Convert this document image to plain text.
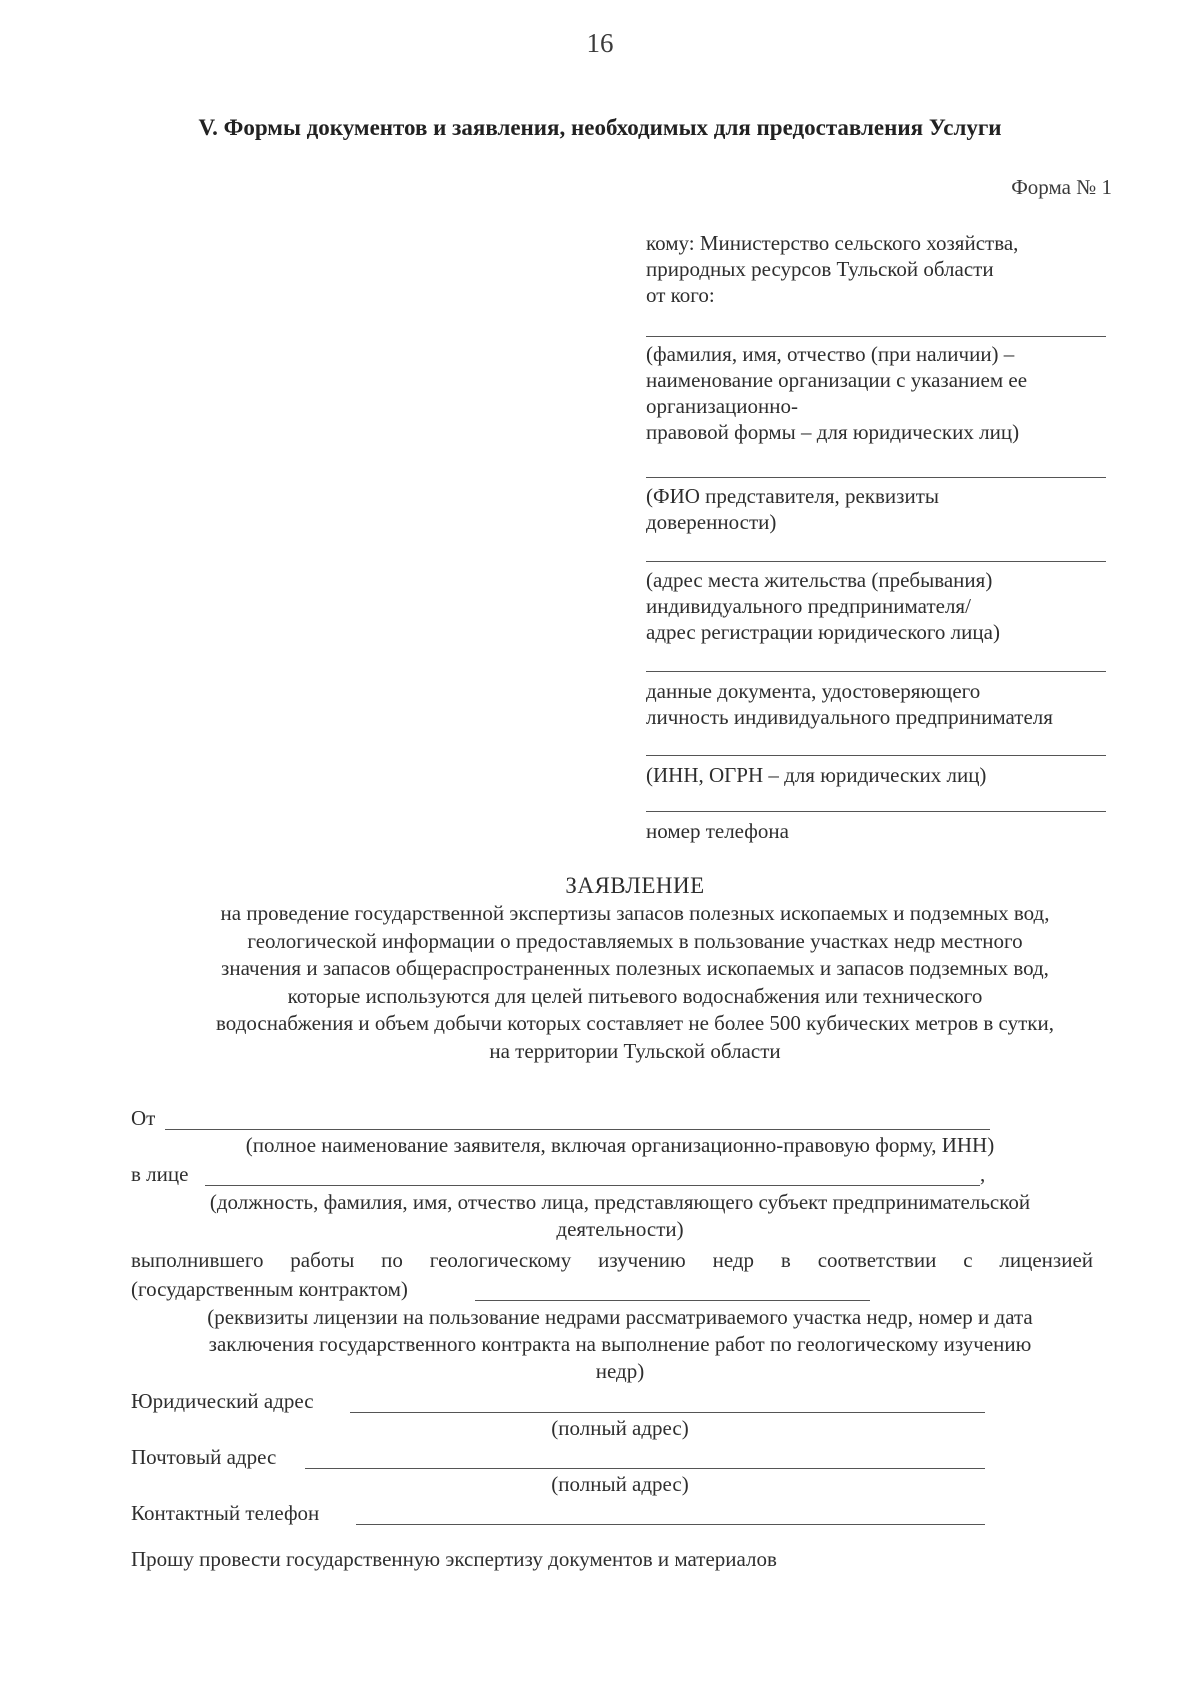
16
V. Формы документов и заявления, необходимых для предоставления Услуги
Форма № 1
кому: Министерство сельского хозяйства,
природных ресурсов Тульской области
от кого:
(фамилия, имя, отчество (при наличии) –
наименование организации с указанием ее
организационно-
правовой формы – для юридических лиц)
(ФИО представителя, реквизиты
доверенности)
(адрес места жительства (пребывания)
индивидуального предпринимателя/
адрес регистрации юридического лица)
данные документа, удостоверяющего
личность индивидуального предпринимателя
(ИНН, ОГРН – для юридических лиц)
номер телефона
ЗАЯВЛЕНИЕ
на проведение государственной экспертизы запасов полезных ископаемых и подземных вод,
геологической информации о предоставляемых в пользование участках недр местного
значения и запасов общераспространенных полезных ископаемых и запасов подземных вод,
которые используются для целей питьевого водоснабжения или технического
водоснабжения и объем добычи которых составляет не более 500 кубических метров в сутки,
на территории Тульской области
От
(полное наименование заявителя, включая организационно-правовую форму, ИНН)
в лице	,
(должность, фамилия, имя, отчество лица, представляющего субъект предпринимательской
деятельности)
выполнившего работы по геологическому изучению недр в соответствии с лицензией
(государственным контрактом)
(реквизиты лицензии на пользование недрами рассматриваемого участка недр, номер и дата
заключения государственного контракта на выполнение работ по геологическому изучению
недр)
Юридический адрес
(полный адрес)
Почтовый адрес
(полный адрес)
Контактный телефон
Прошу провести государственную экспертизу документов и материалов
